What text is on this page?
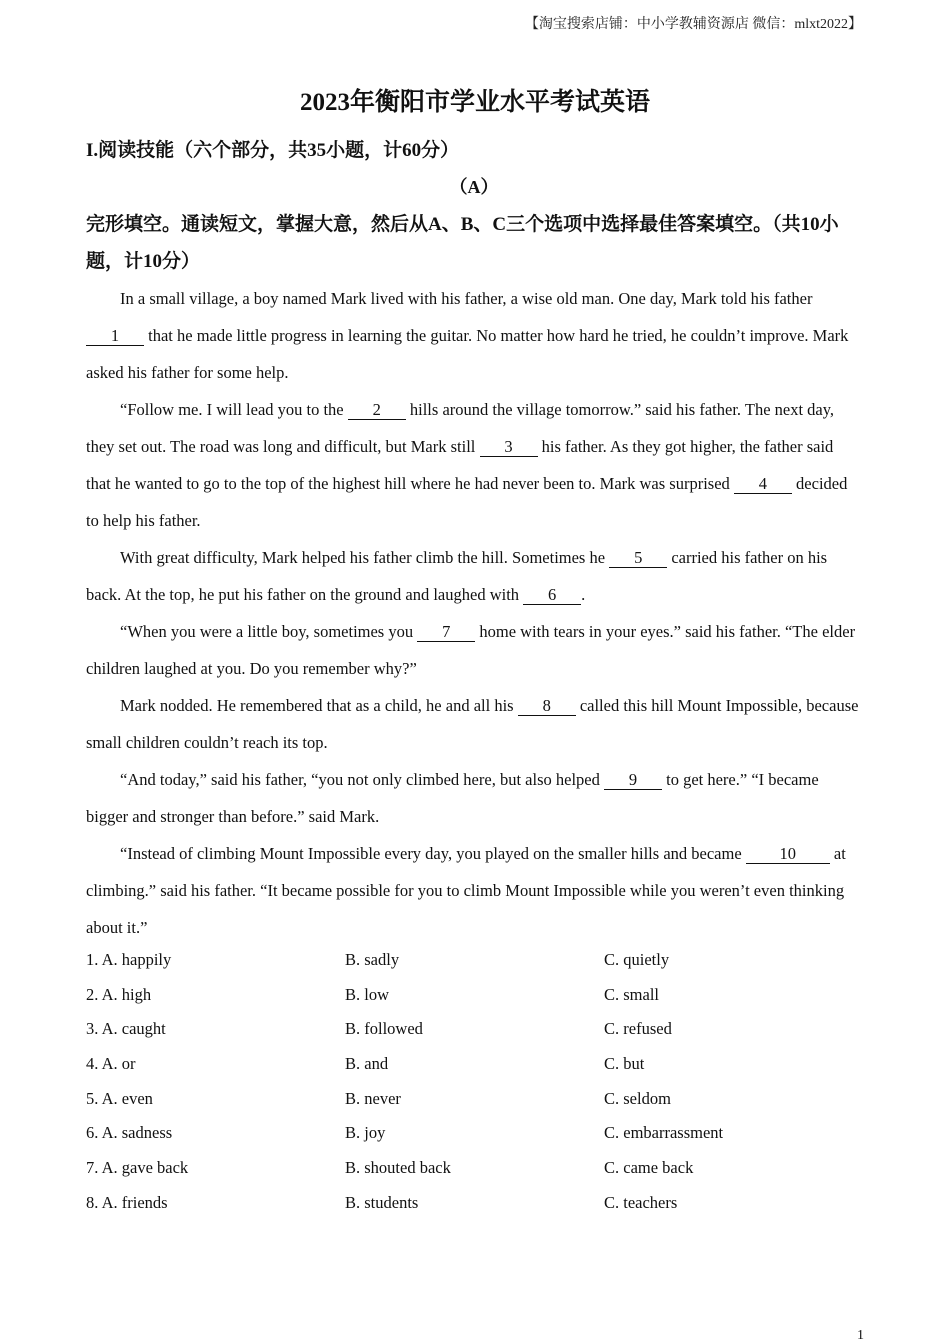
【淘宝搜索店铺：中小学教辅资源店 微信：mlxt2022】
2023年衡阳市学业水平考试英语
I.阅读技能（六个部分，共35小题，计60分）
（A）
完形填空。通读短文，掌握大意，然后从A、B、C三个选项中选择最佳答案填空。（共10小题，计10分）

In a small village, a boy named Mark lived with his father, a wise old man. One day, Mark told his father 1 that he made little progress in learning the guitar. No matter how hard he tried, he couldn’t improve. Mark asked his father for some help.

“Follow me. I will lead you to the 2 hills around the village tomorrow.” said his father. The next day, they set out. The road was long and difficult, but Mark still 3 his father. As they got higher, the father said that he wanted to go to the top of the highest hill where he had never been to. Mark was surprised 4 decided to help his father.

With great difficulty, Mark helped his father climb the hill. Sometimes he 5 carried his father on his back. At the top, he put his father on the ground and laughed with 6 .

“When you were a little boy, sometimes you 7 home with tears in your eyes.” said his father. “The elder children laughed at you. Do you remember why?”

Mark nodded. He remembered that as a child, he and all his 8 called this hill Mount Impossible, because small children couldn’t reach its top.

“And today,” said his father, “you not only climbed here, but also helped 9 to get here.” “I became bigger and stronger than before.” said Mark.

“Instead of climbing Mount Impossible every day, you played on the smaller hills and became 10 at climbing.” said his father. “It became possible for you to climb Mount Impossible while you weren’t even thinking about it.”

1. A. happily	B. sadly	C. quietly
2. A. high	B. low	C. small
3. A. caught	B. followed	C. refused
4. A. or	B. and	C. but
5. A. even	B. never	C. seldom
6. A. sadness	B. joy	C. embarrassment
7. A. gave back	B. shouted back	C. came back
8. A. friends	B. students	C. teachers
1
